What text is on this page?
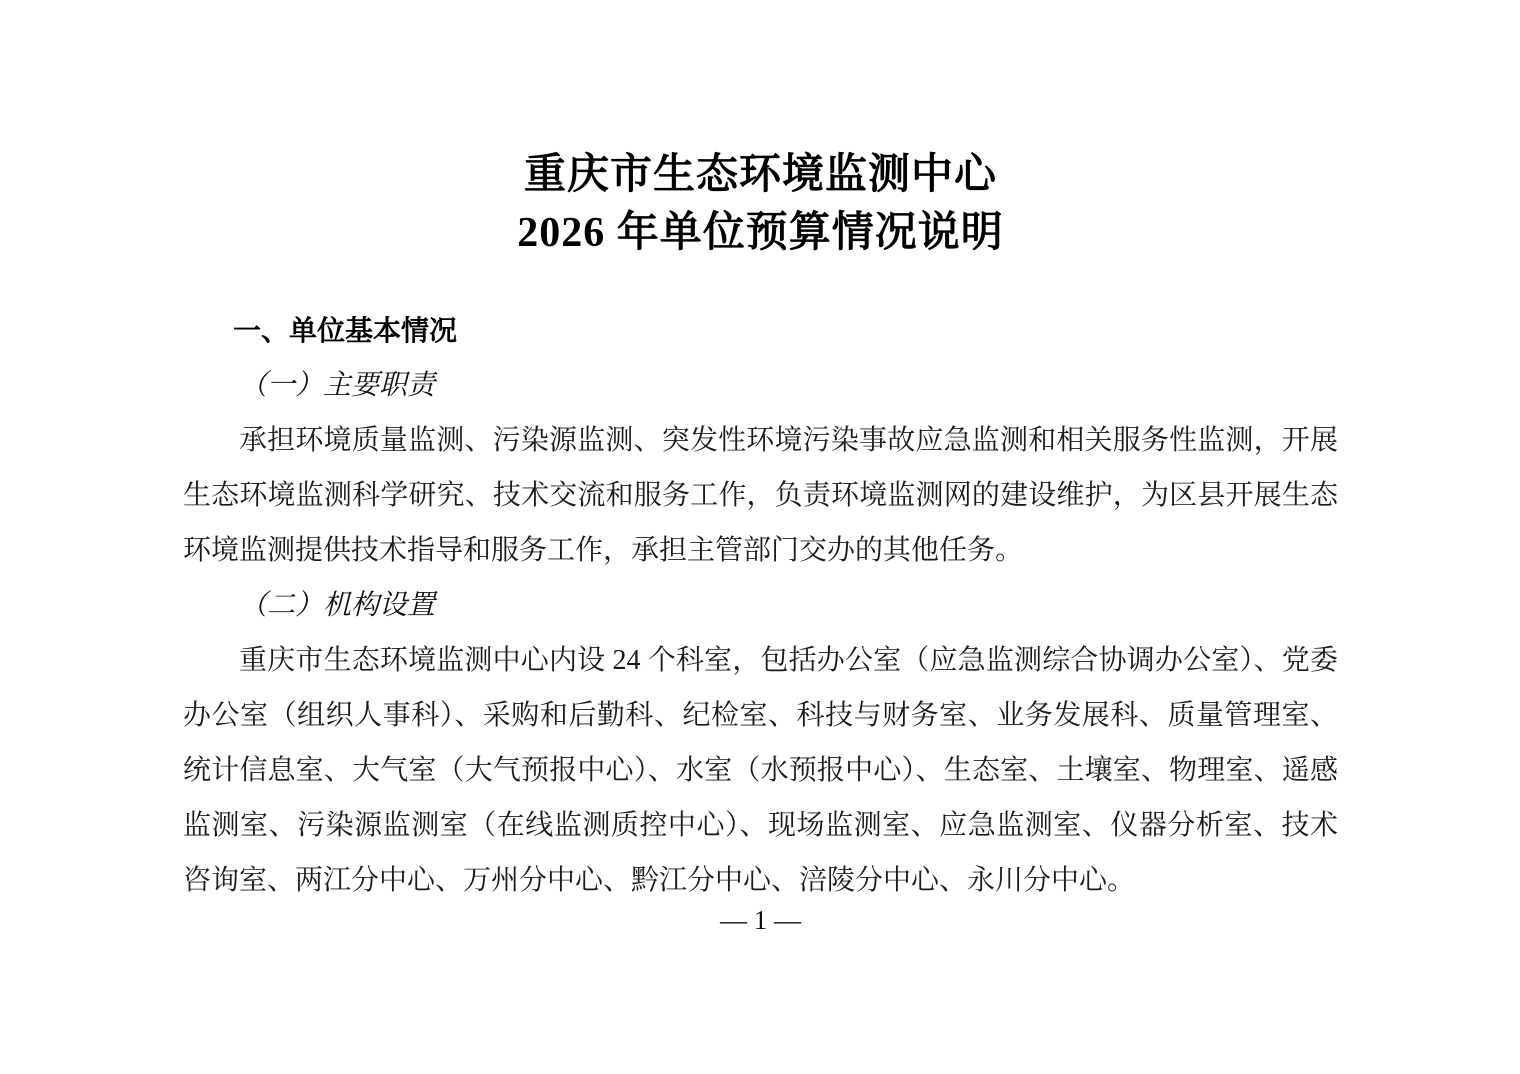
重庆市生态环境监测中心
2026 年单位预算情况说明
一、单位基本情况
（一）主要职责

承担环境质量监测、污染源监测、突发性环境污染事故应急监测和相关服务性监测，开展生态环境监测科学研究、技术交流和服务工作，负责环境监测网的建设维护，为区县开展生态环境监测提供技术指导和服务工作，承担主管部门交办的其他任务。

（二）机构设置

重庆市生态环境监测中心内设 24 个科室，包括办公室（应急监测综合协调办公室）、党委办公室（组织人事科）、采购和后勤科、纪检室、科技与财务室、业务发展科、质量管理室、统计信息室、大气室（大气预报中心）、水室（水预报中心）、生态室、土壤室、物理室、遥感监测室、污染源监测室（在线监测质控中心）、现场监测室、应急监测室、仪器分析室、技术咨询室、两江分中心、万州分中心、黔江分中心、涪陵分中心、永川分中心。

— 1 —
